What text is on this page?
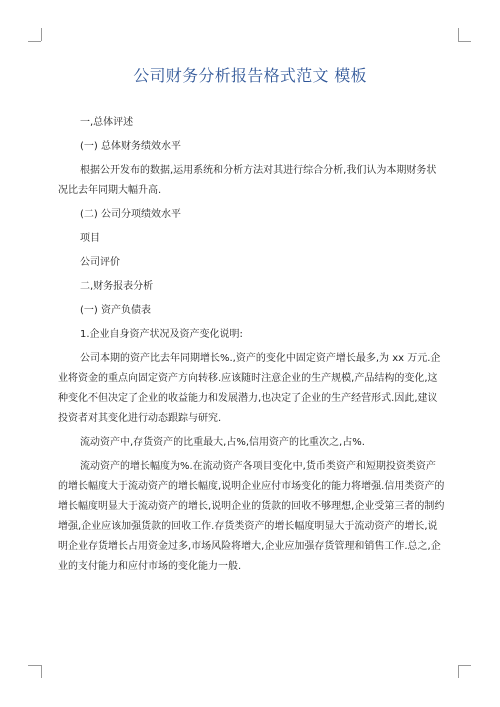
公司财务分析报告格式范文 模板

一,总体评述

(一) 总体财务绩效水平

根据公开发布的数据,运用系统和分析方法对其进行综合分析,我们认为本期财务状况比去年同期大幅升高.

(二) 公司分项绩效水平

项目

公司评价

二,财务报表分析

(一) 资产负债表

1.企业自身资产状况及资产变化说明:

公司本期的资产比去年同期增长%.,资产的变化中固定资产增长最多,为 xx 万元.企业将资金的重点向固定资产方向转移.应该随时注意企业的生产规模,产品结构的变化,这种变化不但决定了企业的收益能力和发展潜力,也决定了企业的生产经营形式.因此,建议投资者对其变化进行动态跟踪与研究.

流动资产中,存货资产的比重最大,占%,信用资产的比重次之,占%.

流动资产的增长幅度为%.在流动资产各项目变化中,货币类资产和短期投资类资产的增长幅度大于流动资产的增长幅度,说明企业应付市场变化的能力将增强.信用类资产的增长幅度明显大于流动资产的增长,说明企业的货款的回收不够理想,企业受第三者的制约增强,企业应该加强货款的回收工作.存货类资产的增长幅度明显大于流动资产的增长,说明企业存货增长占用资金过多,市场风险将增大,企业应加强存货管理和销售工作.总之,企业的支付能力和应付市场的变化能力一般.
